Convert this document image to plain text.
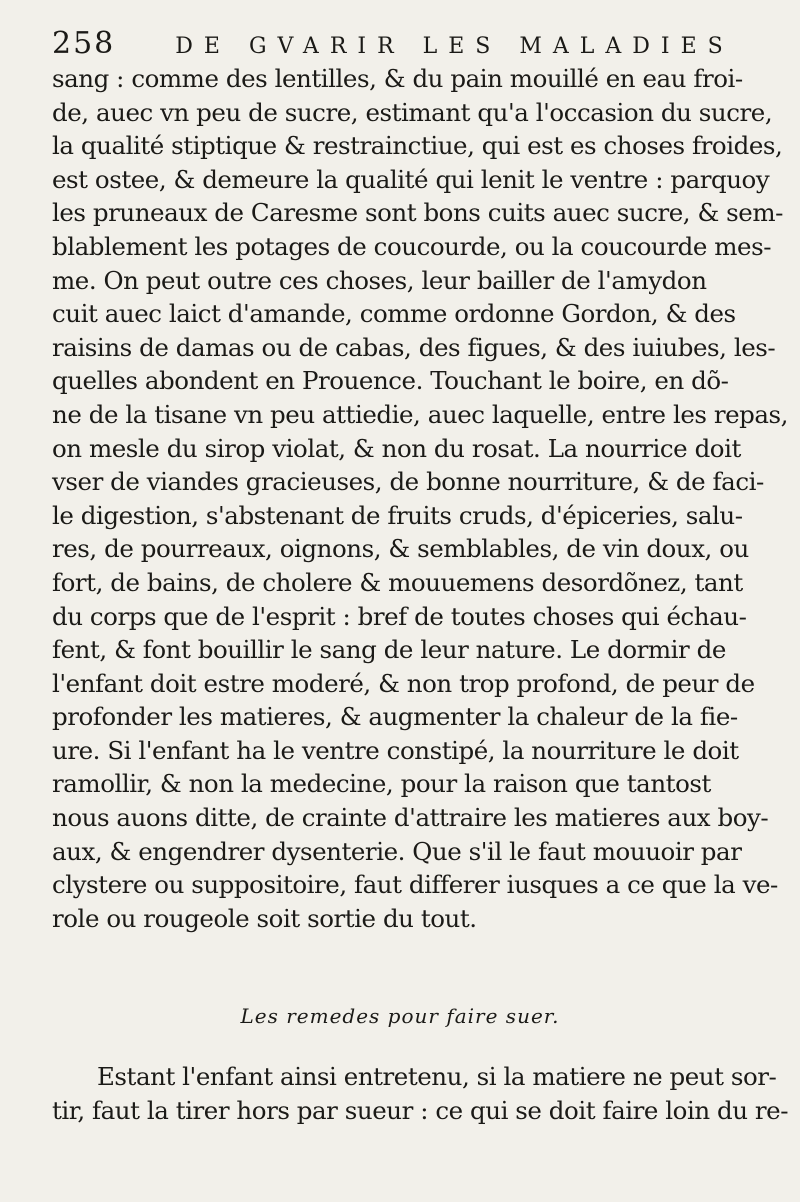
258	DE GVARIR LES MALADIES
sang : comme des lentilles, & du pain mouillé en eau froi-
de, auec vn peu de sucre, estimant qu'a l'occasion du sucre,
la qualité stiptique & restrainctiue, qui est es choses froides,
est ostee, & demeure la qualité qui lenit le ventre : parquoy
les pruneaux de Caresme sont bons cuits auec sucre, & sem-
blablement les potages de coucourde, ou la coucourde mes-
me. On peut outre ces choses, leur bailler de l'amydon
cuit auec laict d'amande, comme ordonne Gordon, & des
raisins de damas ou de cabas, des figues, & des iuiubes, les-
quelles abondent en Prouence. Touchant le boire, en dõ-
ne de la tisane vn peu attiedie, auec laquelle, entre les repas,
on mesle du sirop violat, & non du rosat. La nourrice doit
vser de viandes gracieuses, de bonne nourriture, & de faci-
le digestion, s'abstenant de fruits cruds, d'épiceries, salu-
res, de pourreaux, oignons, & semblables, de vin doux, ou
fort, de bains, de cholere & mouuemens desordõnez, tant
du corps que de l'esprit : bref de toutes choses qui échau-
fent, & font bouillir le sang de leur nature. Le dormir de
l'enfant doit estre moderé, & non trop profond, de peur de
profonder les matieres, & augmenter la chaleur de la fie-
ure. Si l'enfant ha le ventre constipé, la nourriture le doit
ramollir, & non la medecine, pour la raison que tantost
nous auons ditte, de crainte d'attraire les matieres aux boy-
aux, & engendrer dysenterie. Que s'il le faut mouuoir par
clystere ou suppositoire, faut differer iusques a ce que la ve-
role ou rougeole soit sortie du tout.
Les remedes pour faire suer.
Estant l'enfant ainsi entretenu, si la matiere ne peut sor-
tir, faut la tirer hors par sueur : ce qui se doit faire loin du re-
